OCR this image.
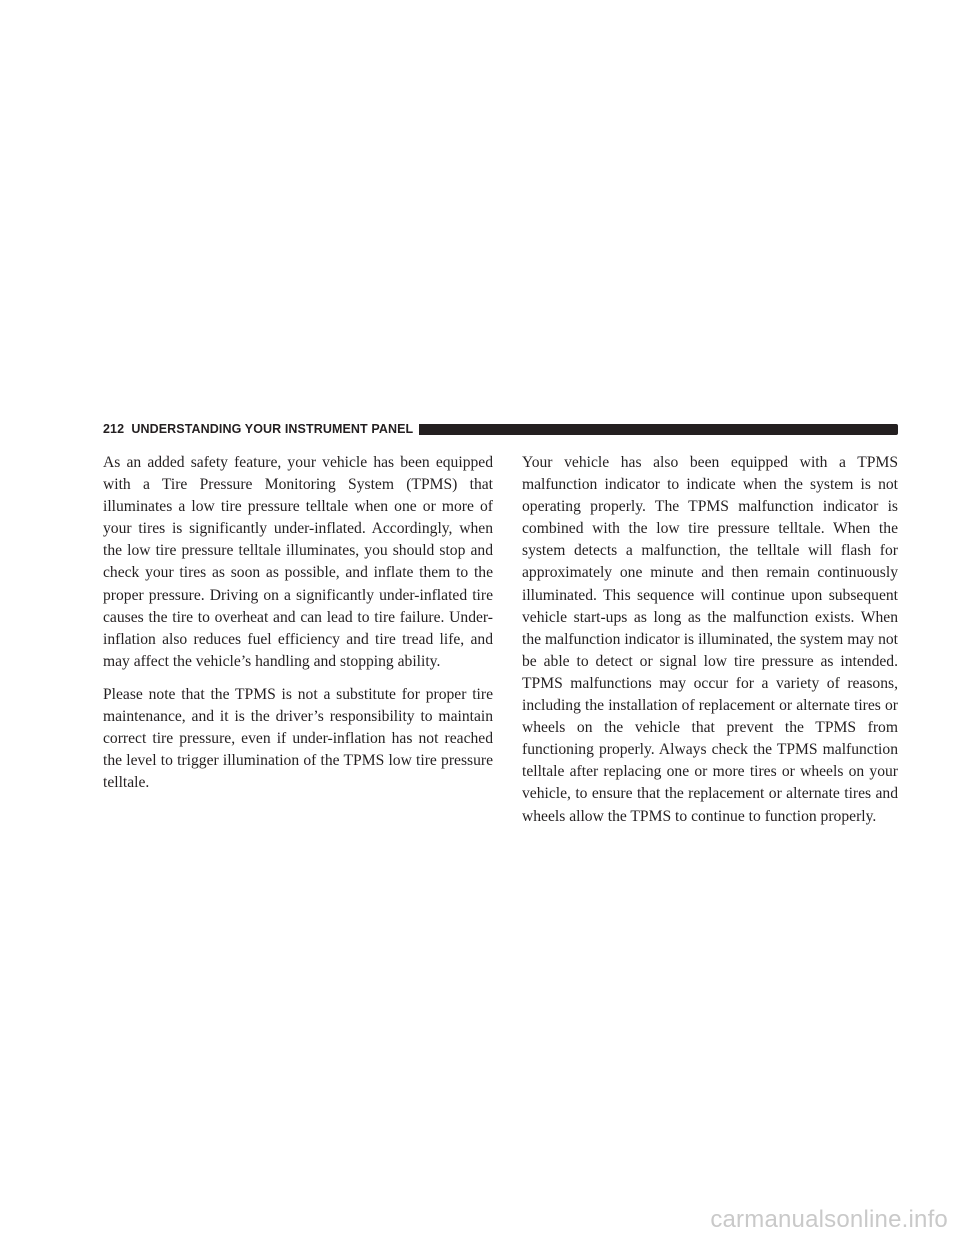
212 UNDERSTANDING YOUR INSTRUMENT PANEL

As an added safety feature, your vehicle has been equipped with a Tire Pressure Monitoring System (TPMS) that illuminates a low tire pressure telltale when one or more of your tires is significantly under-inflated. Accordingly, when the low tire pressure telltale illuminates, you should stop and check your tires as soon as possible, and inflate them to the proper pressure. Driving on a significantly under-inflated tire causes the tire to overheat and can lead to tire failure. Under-inflation also reduces fuel efficiency and tire tread life, and may affect the vehicle’s handling and stopping ability.

Please note that the TPMS is not a substitute for proper tire maintenance, and it is the driver’s responsibility to maintain correct tire pressure, even if under-inflation has not reached the level to trigger illumination of the TPMS low tire pressure telltale.

Your vehicle has also been equipped with a TPMS malfunction indicator to indicate when the system is not operating properly. The TPMS malfunction indicator is combined with the low tire pressure telltale. When the system detects a malfunction, the telltale will flash for approximately one minute and then remain continuously illuminated. This sequence will continue upon subsequent vehicle start-ups as long as the malfunction exists. When the malfunction indicator is illuminated, the system may not be able to detect or signal low tire pressure as intended. TPMS malfunctions may occur for a variety of reasons, including the installation of replacement or alternate tires or wheels on the vehicle that prevent the TPMS from functioning properly. Always check the TPMS malfunction telltale after replacing one or more tires or wheels on your vehicle, to ensure that the replacement or alternate tires and wheels allow the TPMS to continue to function properly.

carmanualsonline.info
